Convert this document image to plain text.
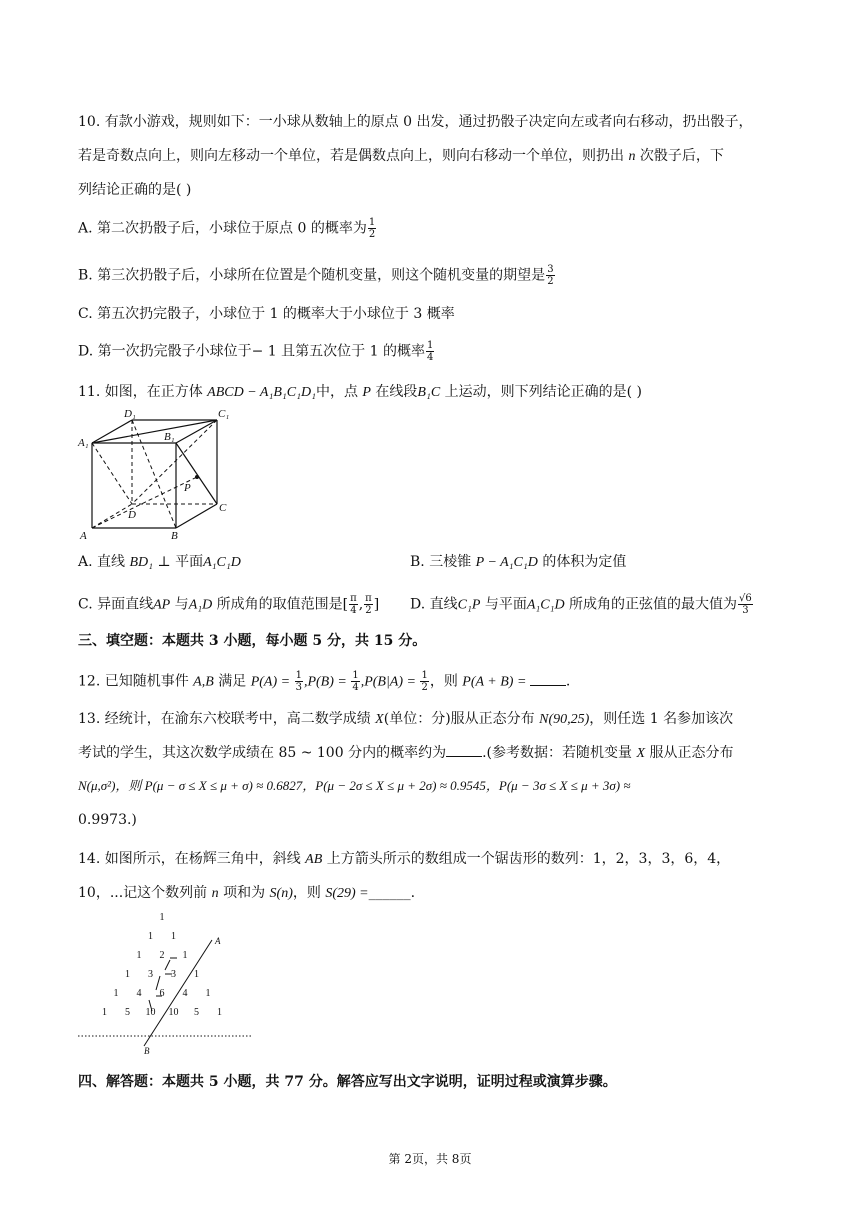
10. 有款小游戏，规则如下：一小球从数轴上的原点 0 出发，通过扔骰子决定向左或者向右移动，扔出骰子，
若是奇数点向上，则向左移动一个单位，若是偶数点向上，则向右移动一个单位，则扔出 n 次骰子后，下
列结论正确的是( )
A. 第二次扔骰子后，小球位于原点 0 的概率为 $\frac{1}{2}$
B. 第三次扔骰子后，小球所在位置是个随机变量，则这个随机变量的期望是 $\frac{3}{2}$
C. 第五次扔完骰子，小球位于 1 的概率大于小球位于 3 概率
D. 第一次扔完骰子小球位于− 1 且第五次位于 1 的概率 $\frac{1}{4}$
11. 如图，在正方体 ABCD − A₁B₁C₁D₁中，点 P 在线段B₁C 上运动，则下列结论正确的是( )
D₁	C₁
A₁	B₁
P
D
C
A	B
A. 直线 BD₁ ⊥ 平面A₁C₁D	B. 三棱锥 P − A₁C₁D 的体积为定值
C. 异面直线AP 与A₁D 所成角的取值范围是[ $\frac{\pi}{4}$ , $\frac{\pi}{2}$ ] D. 直线C₁P 与平面A₁C₁D 所成角的正弦值的最大值为 $\frac{√6}{3}$
三、填空题：本题共 3 小题，每小题 5 分，共 15 分。
12. 已知随机事件 A,B 满足 $P(A) = \frac{1}{3} ,P(B) = \frac{1}{4} ,P(B|A) = \frac{1}{2}$ ，则 P(A + B) =	.
13. 经统计，在渝东六校联考中，高二数学成绩 X(单位：分)服从正态分布 N(90,25)，则任选 1 名参加该次
考试的学生，其这次数学成绩在 85 ~ 100 分内的概率约为	.(参考数据：若随机变量 X 服从正态分布
N(μ,σ²)，则 P(μ − σ ≤ X ≤ μ + σ) ≈ 0.6827，P(μ − 2σ ≤ X ≤ μ + 2σ) ≈ 0.9545，P(μ − 3σ ≤ X ≤ μ + 3σ) ≈
0.9973.)
14. 如图所示，在杨辉三角中，斜线 AB 上方箭头所示的数组成一个锯齿形的数列：1，2，3，3，6，4，
10，...记这个数列前 n 项和为 S(n)，则 S(29) =______.
1
1 1
1 2 1
1 3 3 1
1 4 6 4 1
1 5 10 10 5 1
A
B
四、解答题：本题共 5 小题，共 77 分。解答应写出文字说明，证明过程或演算步骤。
第 2页，共 8页
